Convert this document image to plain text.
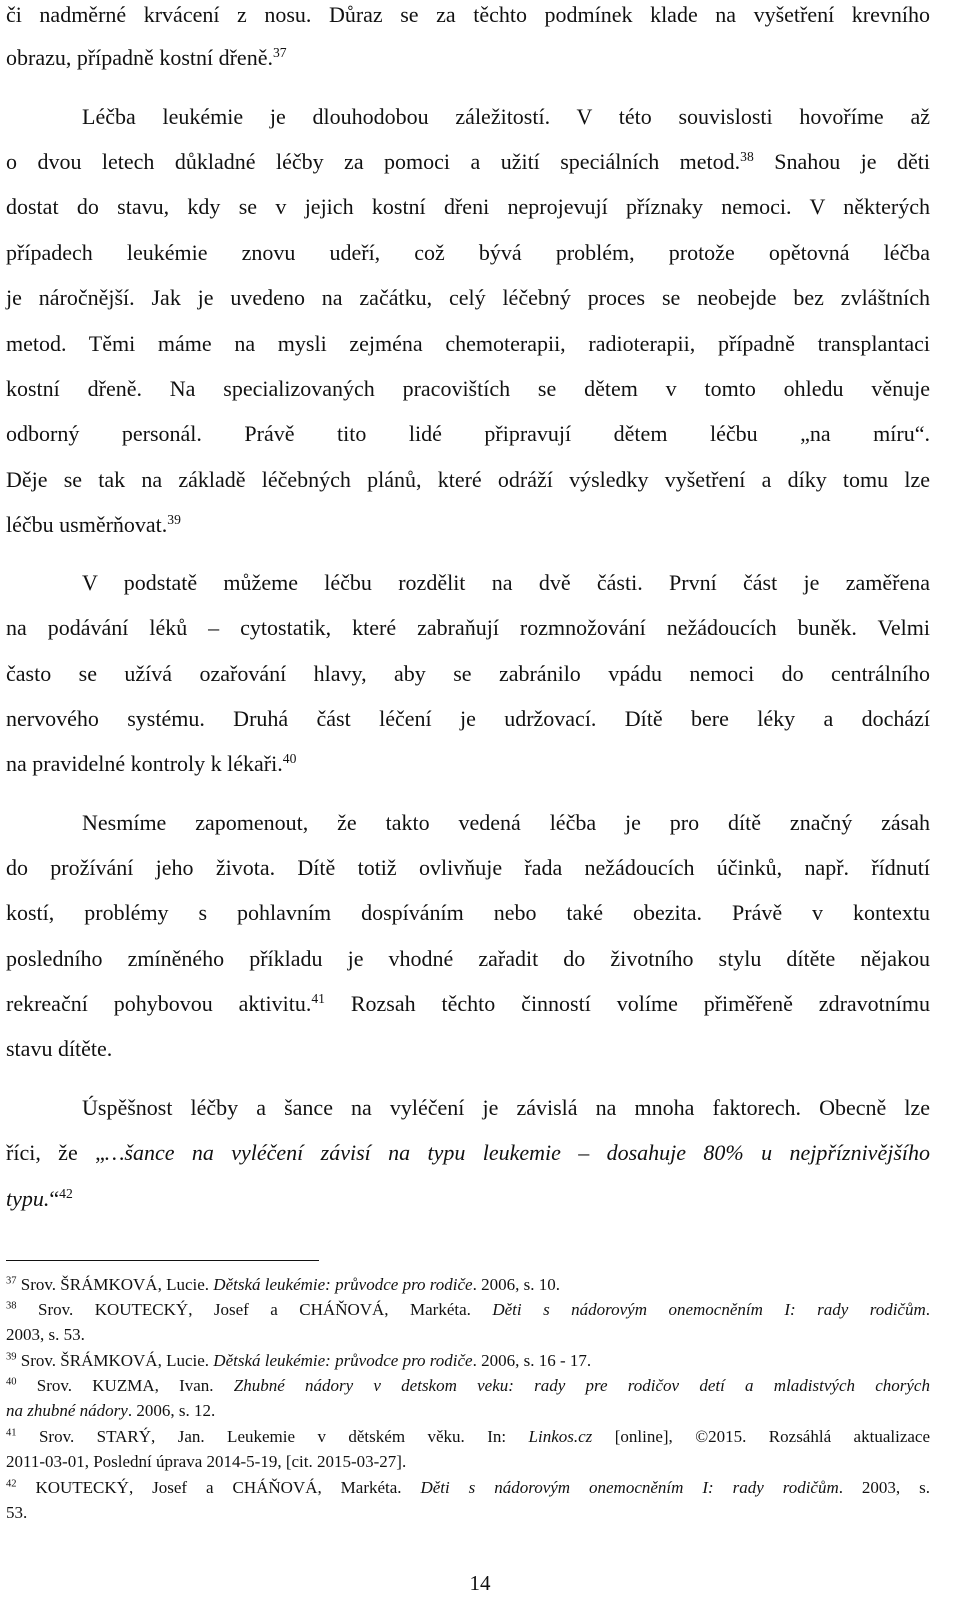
či nadměrné krvácení z nosu. Důraz se za těchto podmínek klade na vyšetření krevního
obrazu, případně kostní dřeně.$^{37}$
Léčba leukémie je dlouhodobou záležitostí. V této souvislosti hovoříme až
o dvou letech důkladné léčby za pomoci a užití speciálních metod.$^{38}$ Snahou je děti
dostat do stavu, kdy se v jejich kostní dřeni neprojevují příznaky nemoci. V některých
případech leukémie znovu udeří, což bývá problém, protože opětovná léčba
je náročnější. Jak je uvedeno na začátku, celý léčebný proces se neobejde bez zvláštních
metod. Těmi máme na mysli zejména chemoterapii, radioterapii, případně transplantaci
kostní dřeně. Na specializovaných pracovištích se dětem v tomto ohledu věnuje
odborný personál. Právě tito lidé připravují dětem léčbu „na míru“.
Děje se tak na základě léčebných plánů, které odráží výsledky vyšetření a díky tomu lze
léčbu usměrňovat.$^{39}$
V podstatě můžeme léčbu rozdělit na dvě části. První část je zaměřena
na podávání léků – cytostatik, které zabraňují rozmnožování nežádoucích buněk. Velmi
často se užívá ozařování hlavy, aby se zabránilo vpádu nemoci do centrálního
nervového systému. Druhá část léčení je udržovací. Dítě bere léky a dochází
na pravidelné kontroly k lékaři.$^{40}$
Nesmíme zapomenout, že takto vedená léčba je pro dítě značný zásah
do prožívání jeho života. Dítě totiž ovlivňuje řada nežádoucích účinků, např. řídnutí
kostí, problémy s pohlavním dospíváním nebo také obezita. Právě v kontextu
posledního zmíněného příkladu je vhodné zařadit do životního stylu dítěte nějakou
rekreační pohybovou aktivitu.$^{41}$ Rozsah těchto činností volíme přiměřeně zdravotnímu
stavu dítěte.
Úspěšnost léčby a šance na vyléčení je závislá na mnoha faktorech. Obecně lze
říci, že „…šance na vyléčení závisí na typu leukemie – dosahuje 80% u nejpříznivějšího
typu.“$^{42}$
$^{37}$ Srov. ŠRÁMKOVÁ, Lucie. Dětská leukémie: průvodce pro rodiče. 2006, s. 10.
$^{38}$ Srov. KOUTECKÝ, Josef a CHÁŇOVÁ, Markéta. Děti s nádorovým onemocněním I: rady rodičům.
2003, s. 53.
$^{39}$ Srov. ŠRÁMKOVÁ, Lucie. Dětská leukémie: průvodce pro rodiče. 2006, s. 16 - 17.
$^{40}$ Srov. KUZMA, Ivan. Zhubné nádory v detskom veku: rady pre rodičov detí a mladistvých chorých
na zhubné nádory. 2006, s. 12.
$^{41}$ Srov. STARÝ, Jan. Leukemie v dětském věku. In: Linkos.cz [online], ©2015. Rozsáhlá aktualizace
2011-03-01, Poslední úprava 2014-5-19, [cit. 2015-03-27].
$^{42}$ KOUTECKÝ, Josef a CHÁŇOVÁ, Markéta. Děti s nádorovým onemocněním I: rady rodičům. 2003, s.
53.
14
